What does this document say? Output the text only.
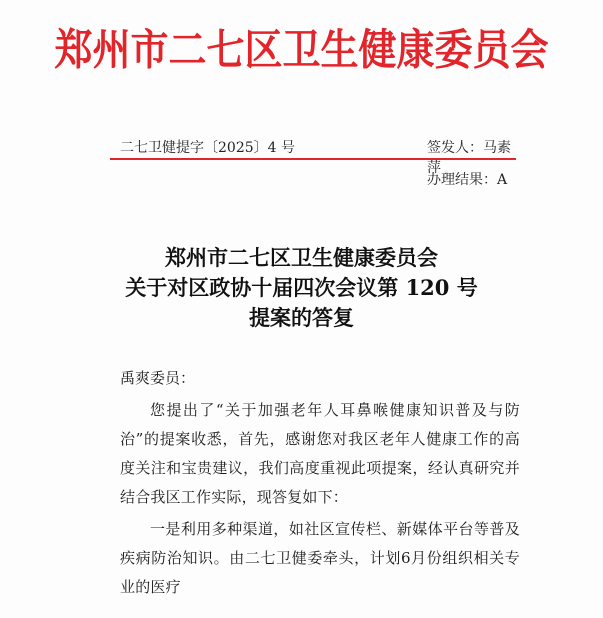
郑州市二七区卫生健康委员会
二七卫健提字〔2025〕4 号	签发人：马素萍
办理结果：A
郑州市二七区卫生健康委员会
关于对区政协十届四次会议第 120 号
提案的答复
禹爽委员：

您提出了“关于加强老年人耳鼻喉健康知识普及与防治”的提案收悉，首先，感谢您对我区老年人健康工作的高度关注和宝贵建议，我们高度重视此项提案，经认真研究并结合我区工作实际，现答复如下：

一是利用多种渠道，如社区宣传栏、新媒体平台等普及疾病防治知识。由二七卫健委牵头，计划6月份组织相关专业的医疗
